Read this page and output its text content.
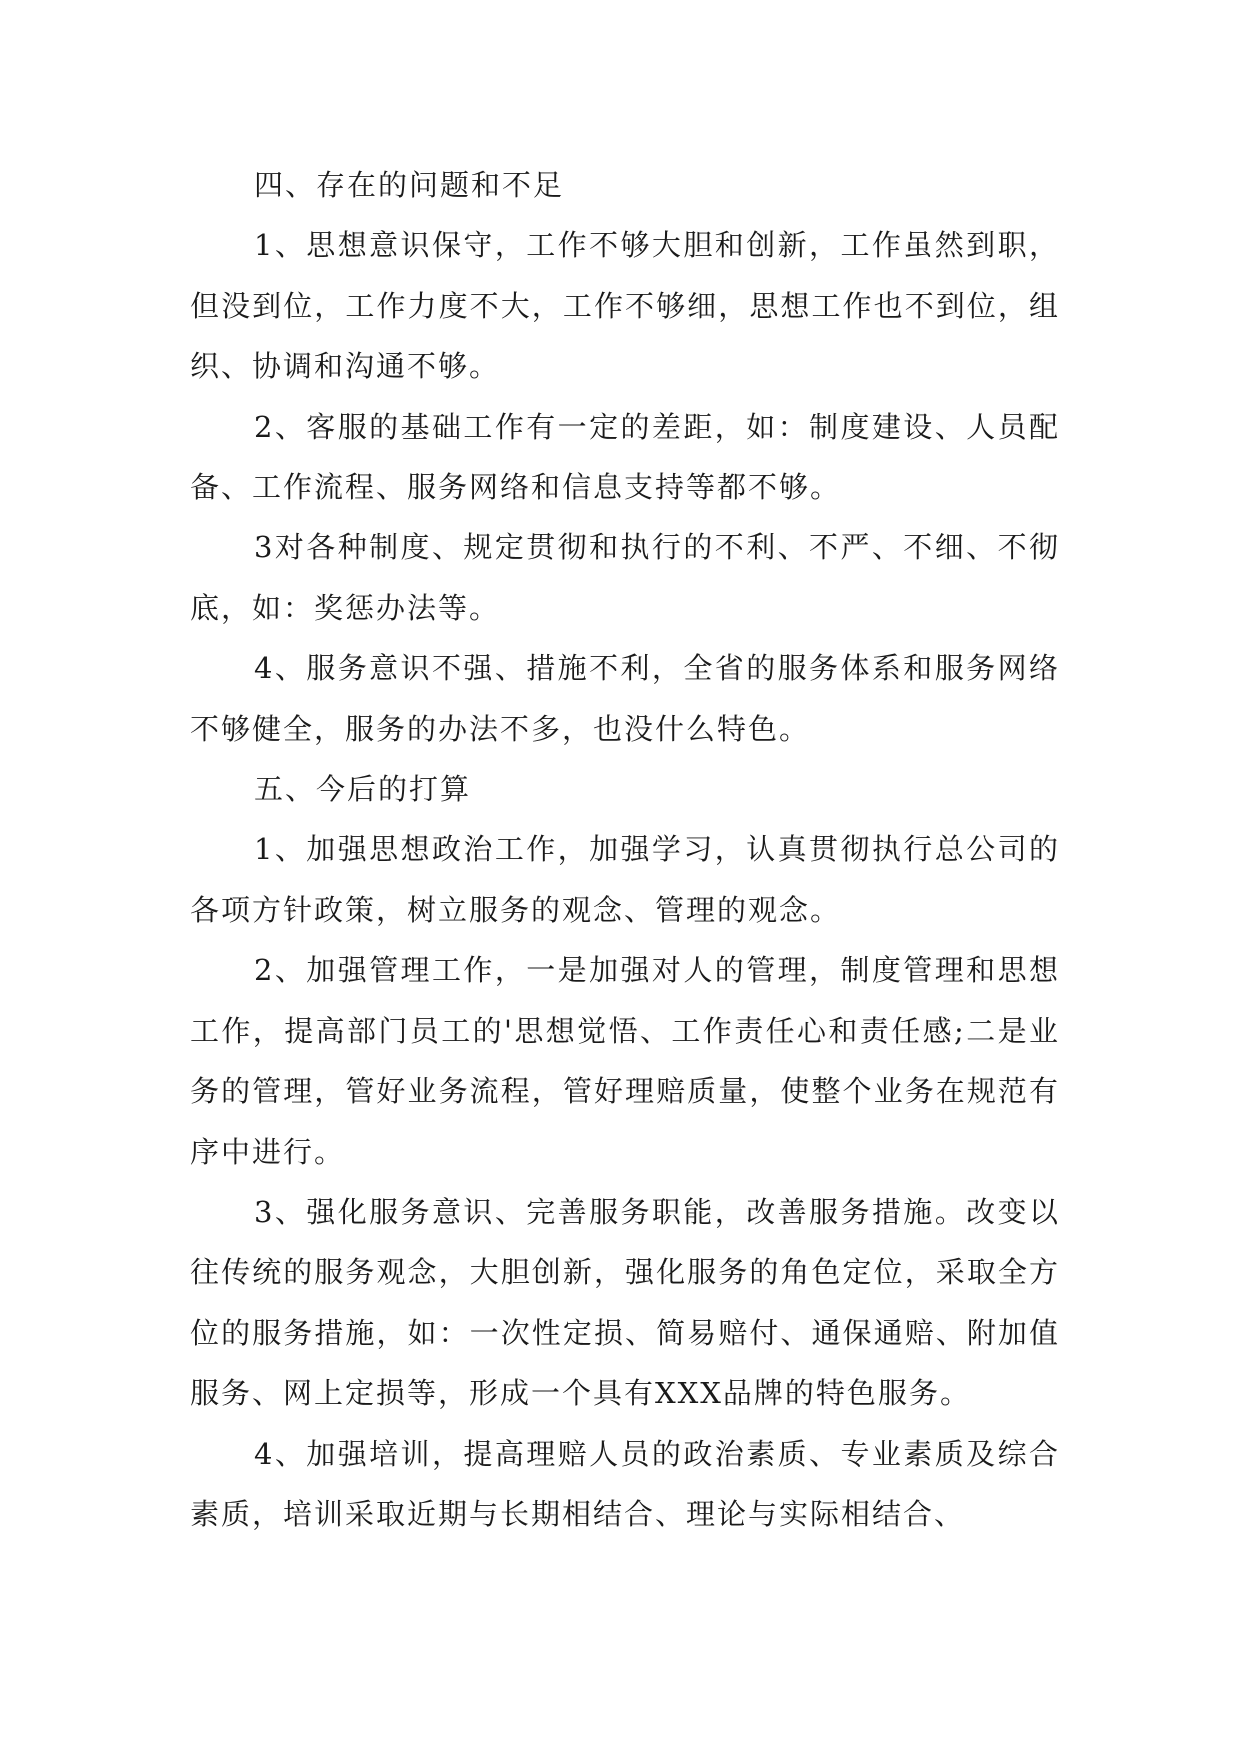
四、存在的问题和不足

1、思想意识保守，工作不够大胆和创新，工作虽然到职，但没到位，工作力度不大，工作不够细，思想工作也不到位，组织、协调和沟通不够。

2、客服的基础工作有一定的差距，如：制度建设、人员配备、工作流程、服务网络和信息支持等都不够。

3对各种制度、规定贯彻和执行的不利、不严、不细、不彻底，如：奖惩办法等。

4、服务意识不强、措施不利，全省的服务体系和服务网络不够健全，服务的办法不多，也没什么特色。

五、今后的打算

1、加强思想政治工作，加强学习，认真贯彻执行总公司的各项方针政策，树立服务的观念、管理的观念。

2、加强管理工作，一是加强对人的管理，制度管理和思想工作，提高部门员工的'思想觉悟、工作责任心和责任感;二是业务的管理，管好业务流程，管好理赔质量，使整个业务在规范有序中进行。

3、强化服务意识、完善服务职能，改善服务措施。改变以往传统的服务观念，大胆创新，强化服务的角色定位，采取全方位的服务措施，如：一次性定损、简易赔付、通保通赔、附加值服务、网上定损等，形成一个具有XXX品牌的特色服务。

4、加强培训，提高理赔人员的政治素质、专业素质及综合素质，培训采取近期与长期相结合、理论与实际相结合、
